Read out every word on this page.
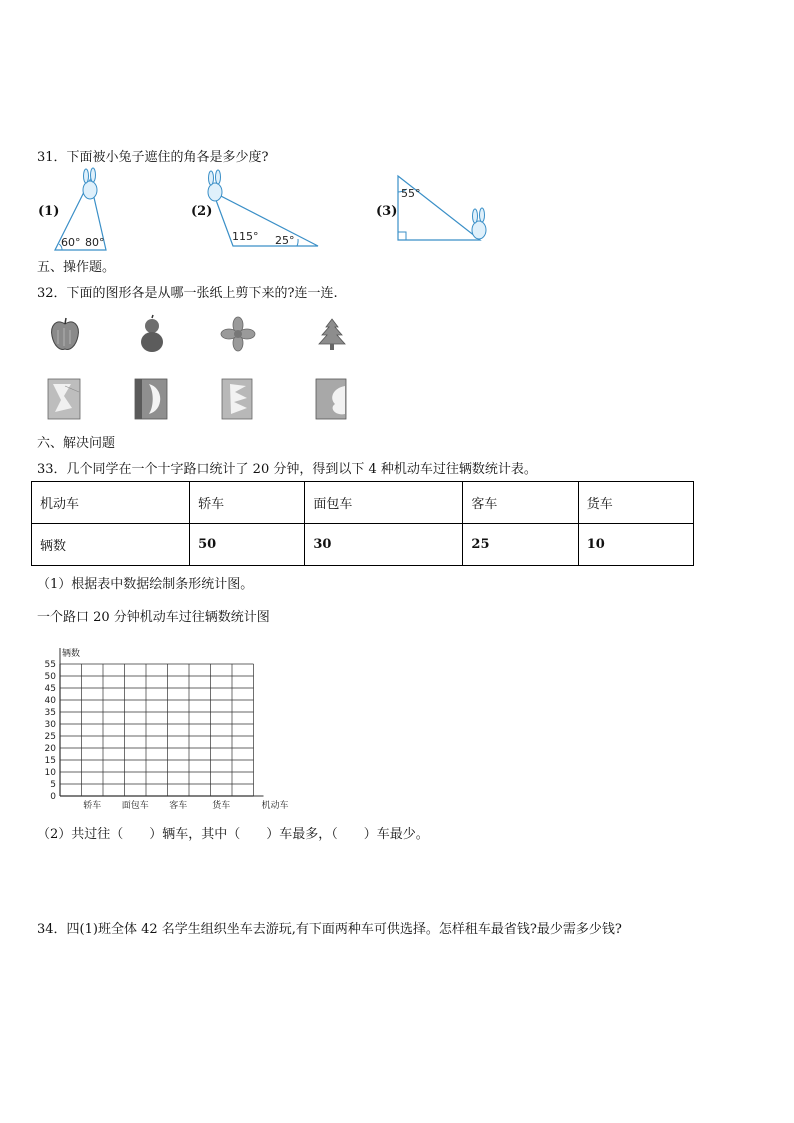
31．下面被小兔子遮住的角各是多少度?
(1)
60° 80°
(2)
115° 25°
(3)
55°
五、操作题。
32．下面的图形各是从哪一张纸上剪下来的?连一连.
六、解决问题
33．几个同学在一个十字路口统计了 20 分钟，得到以下 4 种机动车过往辆数统计表。
机动车	轿车	面包车	客车	货车
辆数	50	30	25	10
（1）根据表中数据绘制条形统计图。
一个路口 20 分钟机动车过往辆数统计图
0
5
10
15
20
25
30
35
40
45
50
55
辆数
轿车 面包车 客车	货车	机动车
（2）共过往（　　）辆车，其中（　　）车最多，（　　）车最少。
34．四(1)班全体 42 名学生组织坐车去游玩,有下面两种车可供选择。怎样租车最省钱?最少需多少钱?
